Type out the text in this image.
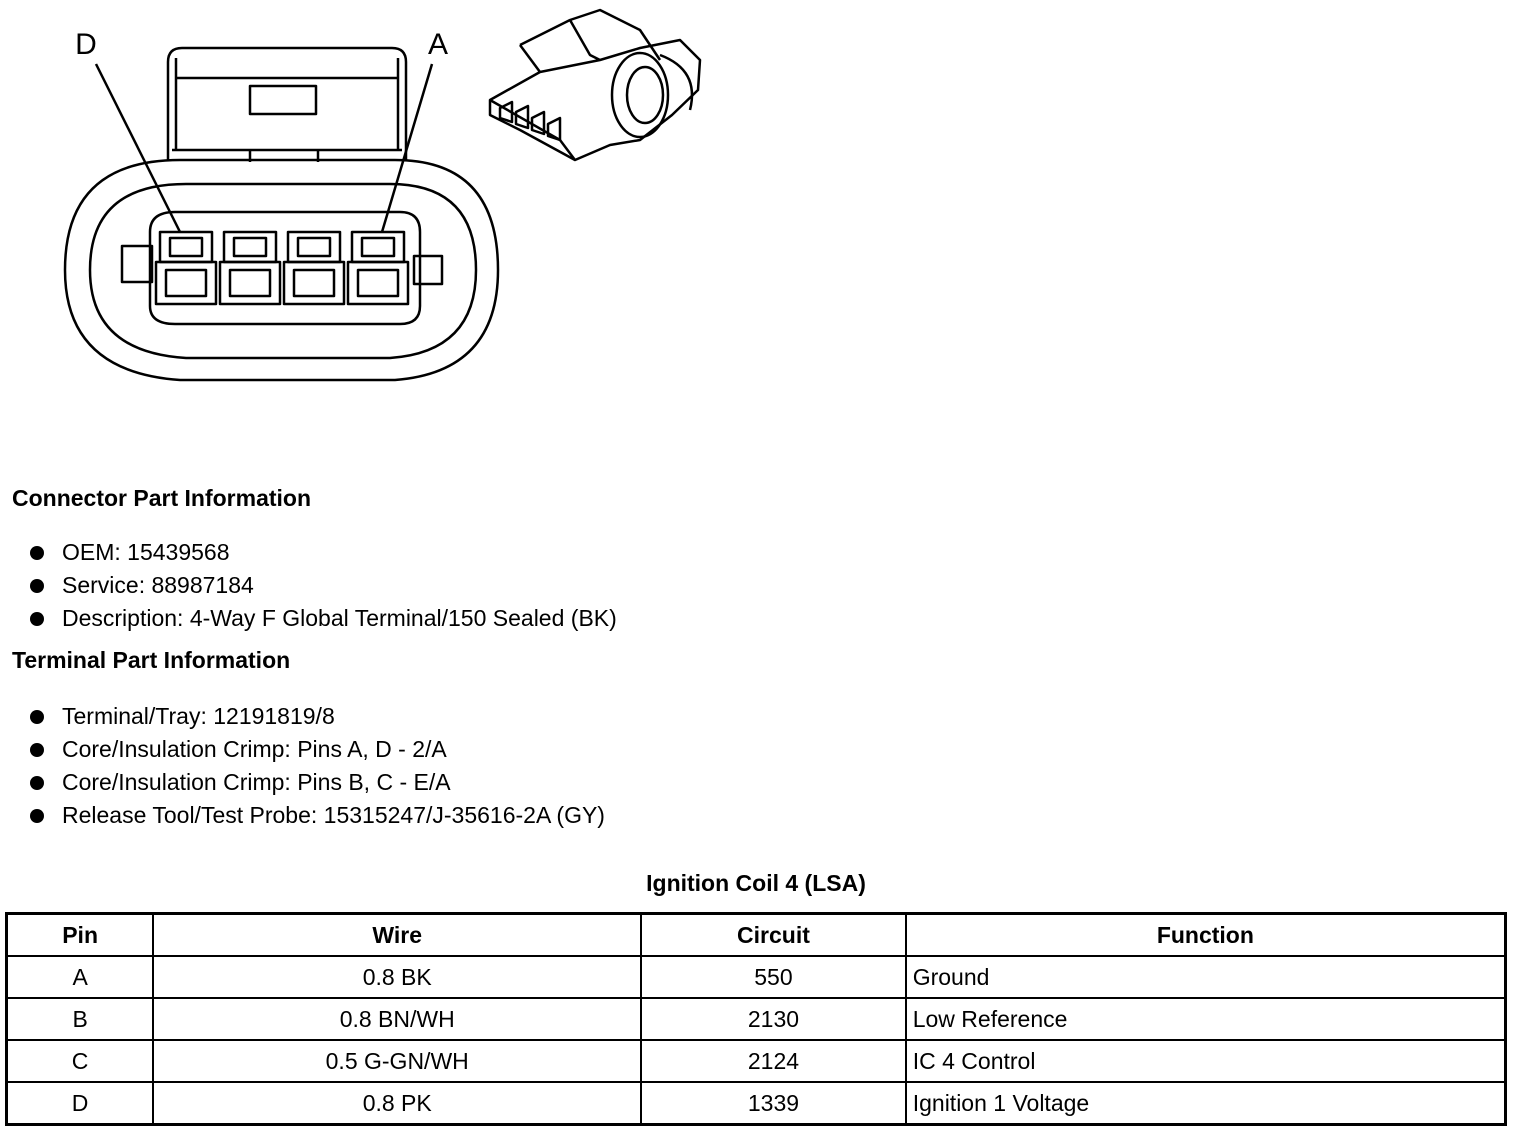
D	A
Connector Part Information
OEM: 15439568
Service: 88987184
Description: 4-Way F Global Terminal/150 Sealed (BK)
Terminal Part Information
Terminal/Tray: 12191819/8
Core/Insulation Crimp: Pins A, D - 2/A
Core/Insulation Crimp: Pins B, C - E/A
Release Tool/Test Probe: 15315247/J-35616-2A (GY)
Ignition Coil 4 (LSA)
Pin	Wire	Circuit	Function
A	0.8 BK	550	Ground
B	0.8 BN/WH	2130	Low Reference
C	0.5 G-GN/WH	2124	IC 4 Control
D	0.8 PK	1339	Ignition 1 Voltage
